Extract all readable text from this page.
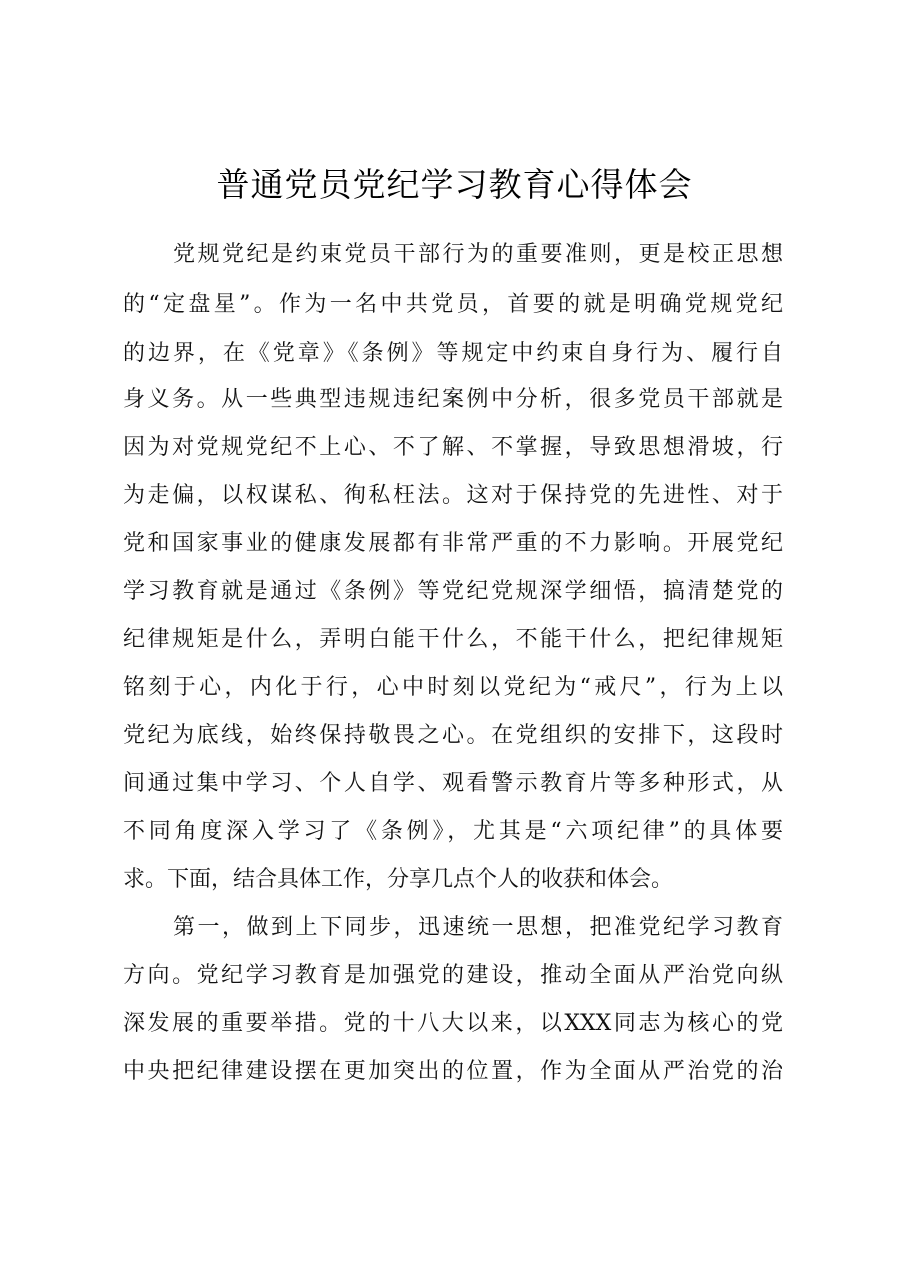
普通党员党纪学习教育心得体会
党规党纪是约束党员干部行为的重要准则，更是校正思想
的“定盘星”。作为一名中共党员，首要的就是明确党规党纪
的边界，在《党章》《条例》等规定中约束自身行为、履行自
身义务。从一些典型违规违纪案例中分析，很多党员干部就是
因为对党规党纪不上心、不了解、不掌握，导致思想滑坡，行
为走偏，以权谋私、徇私枉法。这对于保持党的先进性、对于
党和国家事业的健康发展都有非常严重的不力影响。开展党纪
学习教育就是通过《条例》等党纪党规深学细悟，搞清楚党的
纪律规矩是什么，弄明白能干什么，不能干什么，把纪律规矩
铭刻于心，内化于行，心中时刻以党纪为“戒尺”，行为上以
党纪为底线，始终保持敬畏之心。在党组织的安排下，这段时
间通过集中学习、个人自学、观看警示教育片等多种形式，从
不同角度深入学习了《条例》，尤其是“六项纪律”的具体要
求。下面，结合具体工作，分享几点个人的收获和体会。
第一，做到上下同步，迅速统一思想，把准党纪学习教育
方向。党纪学习教育是加强党的建设，推动全面从严治党向纵
深发展的重要举措。党的十八大以来，以XXX同志为核心的党
中央把纪律建设摆在更加突出的位置，作为全面从严治党的治
